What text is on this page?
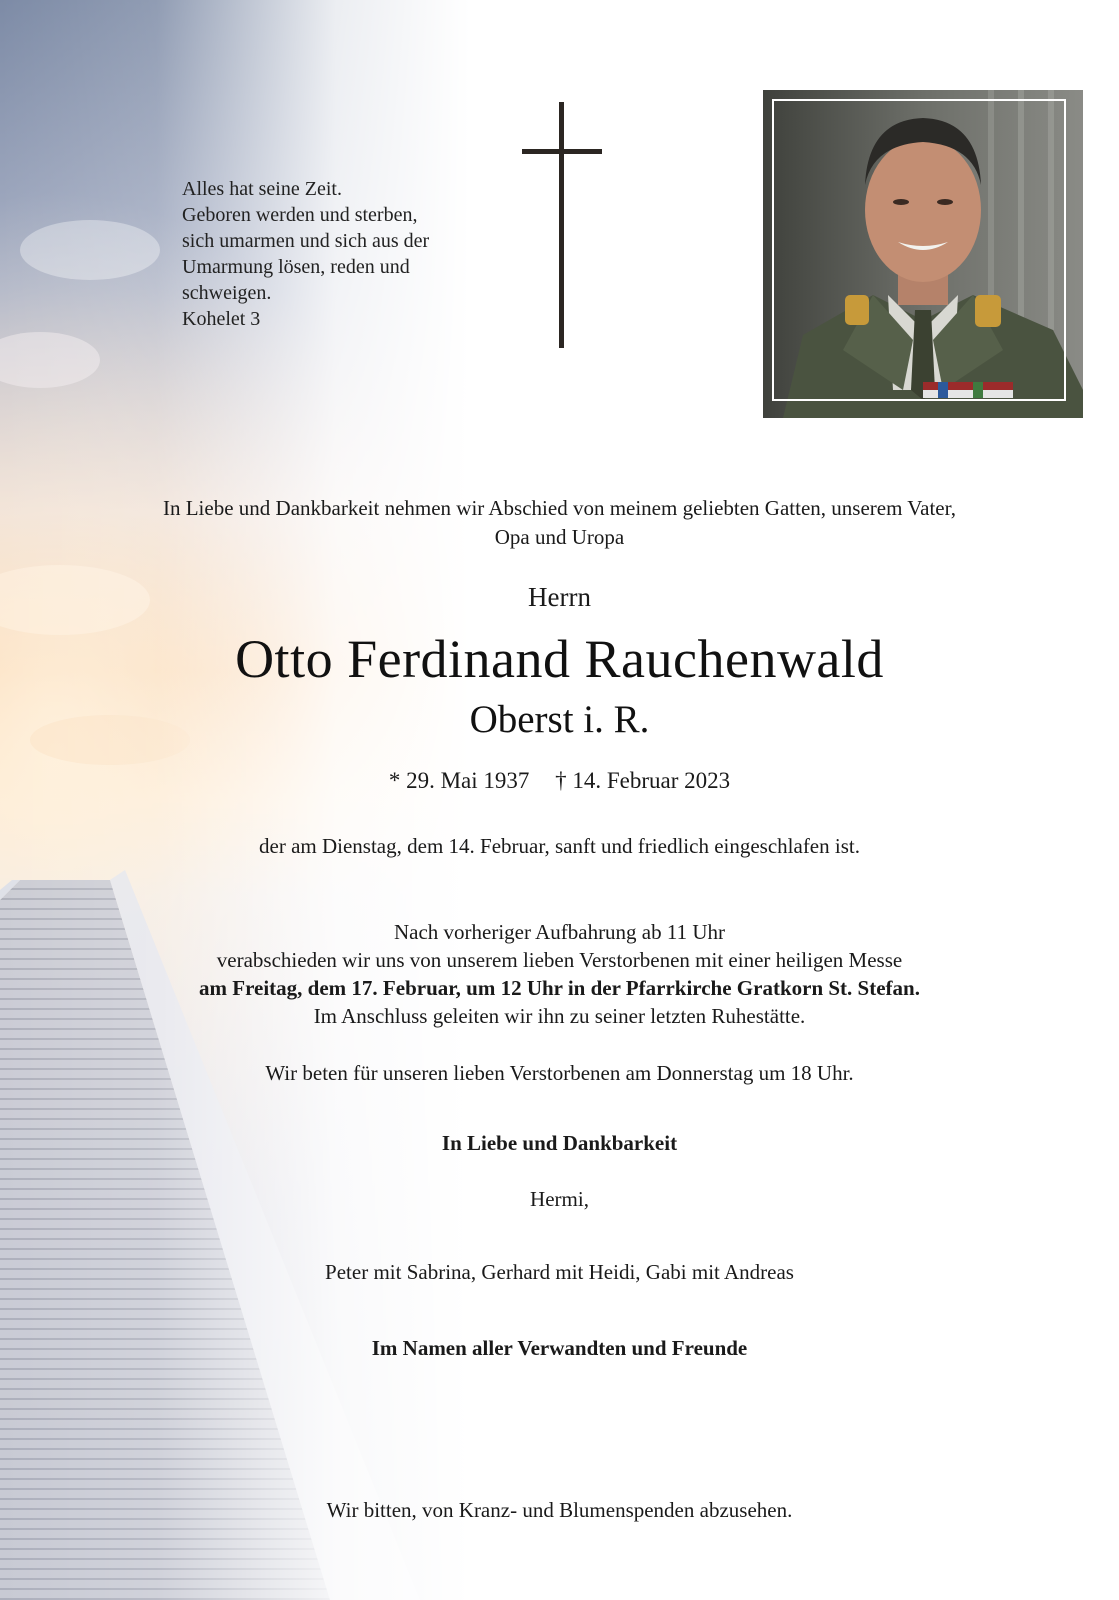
Alles hat seine Zeit.
Geboren werden und sterben,
sich umarmen und sich aus der
Umarmung lösen, reden und
schweigen.
Kohelet 3
In Liebe und Dankbarkeit nehmen wir Abschied von meinem geliebten Gatten, unserem Vater,
Opa und Uropa
Herrn
Otto Ferdinand Rauchenwald
Oberst i. R.
* 29. Mai 1937 † 14. Februar 2023
der am Dienstag, dem 14. Februar, sanft und friedlich eingeschlafen ist.
Nach vorheriger Aufbahrung ab 11 Uhr
verabschieden wir uns von unserem lieben Verstorbenen mit einer heiligen Messe
am Freitag, dem 17. Februar, um 12 Uhr in der Pfarrkirche Gratkorn St. Stefan.
Im Anschluss geleiten wir ihn zu seiner letzten Ruhestätte.
Wir beten für unseren lieben Verstorbenen am Donnerstag um 18 Uhr.
In Liebe und Dankbarkeit
Hermi,
Peter mit Sabrina, Gerhard mit Heidi, Gabi mit Andreas
Im Namen aller Verwandten und Freunde
Wir bitten, von Kranz- und Blumenspenden abzusehen.
